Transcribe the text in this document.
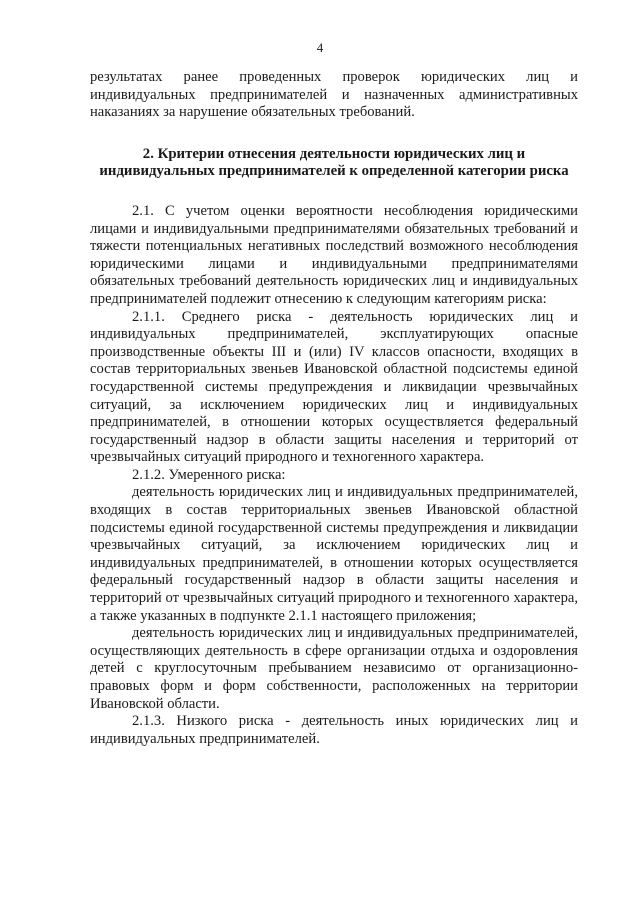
4

результатах ранее проведенных проверок юридических лиц и индивидуальных предпринимателей и назначенных административных наказаниях за нарушение обязательных требований.

2. Критерии отнесения деятельности юридических лиц и индивидуальных предпринимателей к определенной категории риска

2.1. С учетом оценки вероятности несоблюдения юридическими лицами и индивидуальными предпринимателями обязательных требований и тяжести потенциальных негативных последствий возможного несоблюдения юридическими лицами и индивидуальными предпринимателями обязательных требований деятельность юридических лиц и индивидуальных предпринимателей подлежит отнесению к следующим категориям риска:

2.1.1. Среднего риска - деятельность юридических лиц и индивидуальных предпринимателей, эксплуатирующих опасные производственные объекты III и (или) IV классов опасности, входящих в состав территориальных звеньев Ивановской областной подсистемы единой государственной системы предупреждения и ликвидации чрезвычайных ситуаций, за исключением юридических лиц и индивидуальных предпринимателей, в отношении которых осуществляется федеральный государственный надзор в области защиты населения и территорий от чрезвычайных ситуаций природного и техногенного характера.

2.1.2. Умеренного риска:

деятельность юридических лиц и индивидуальных предпринимателей, входящих в состав территориальных звеньев Ивановской областной подсистемы единой государственной системы предупреждения и ликвидации чрезвычайных ситуаций, за исключением юридических лиц и индивидуальных предпринимателей, в отношении которых осуществляется федеральный государственный надзор в области защиты населения и территорий от чрезвычайных ситуаций природного и техногенного характера, а также указанных в подпункте 2.1.1 настоящего приложения;

деятельность юридических лиц и индивидуальных предпринимателей, осуществляющих деятельность в сфере организации отдыха и оздоровления детей с круглосуточным пребыванием независимо от организационно-правовых форм и форм собственности, расположенных на территории Ивановской области.

2.1.3. Низкого риска - деятельность иных юридических лиц и индивидуальных предпринимателей.
